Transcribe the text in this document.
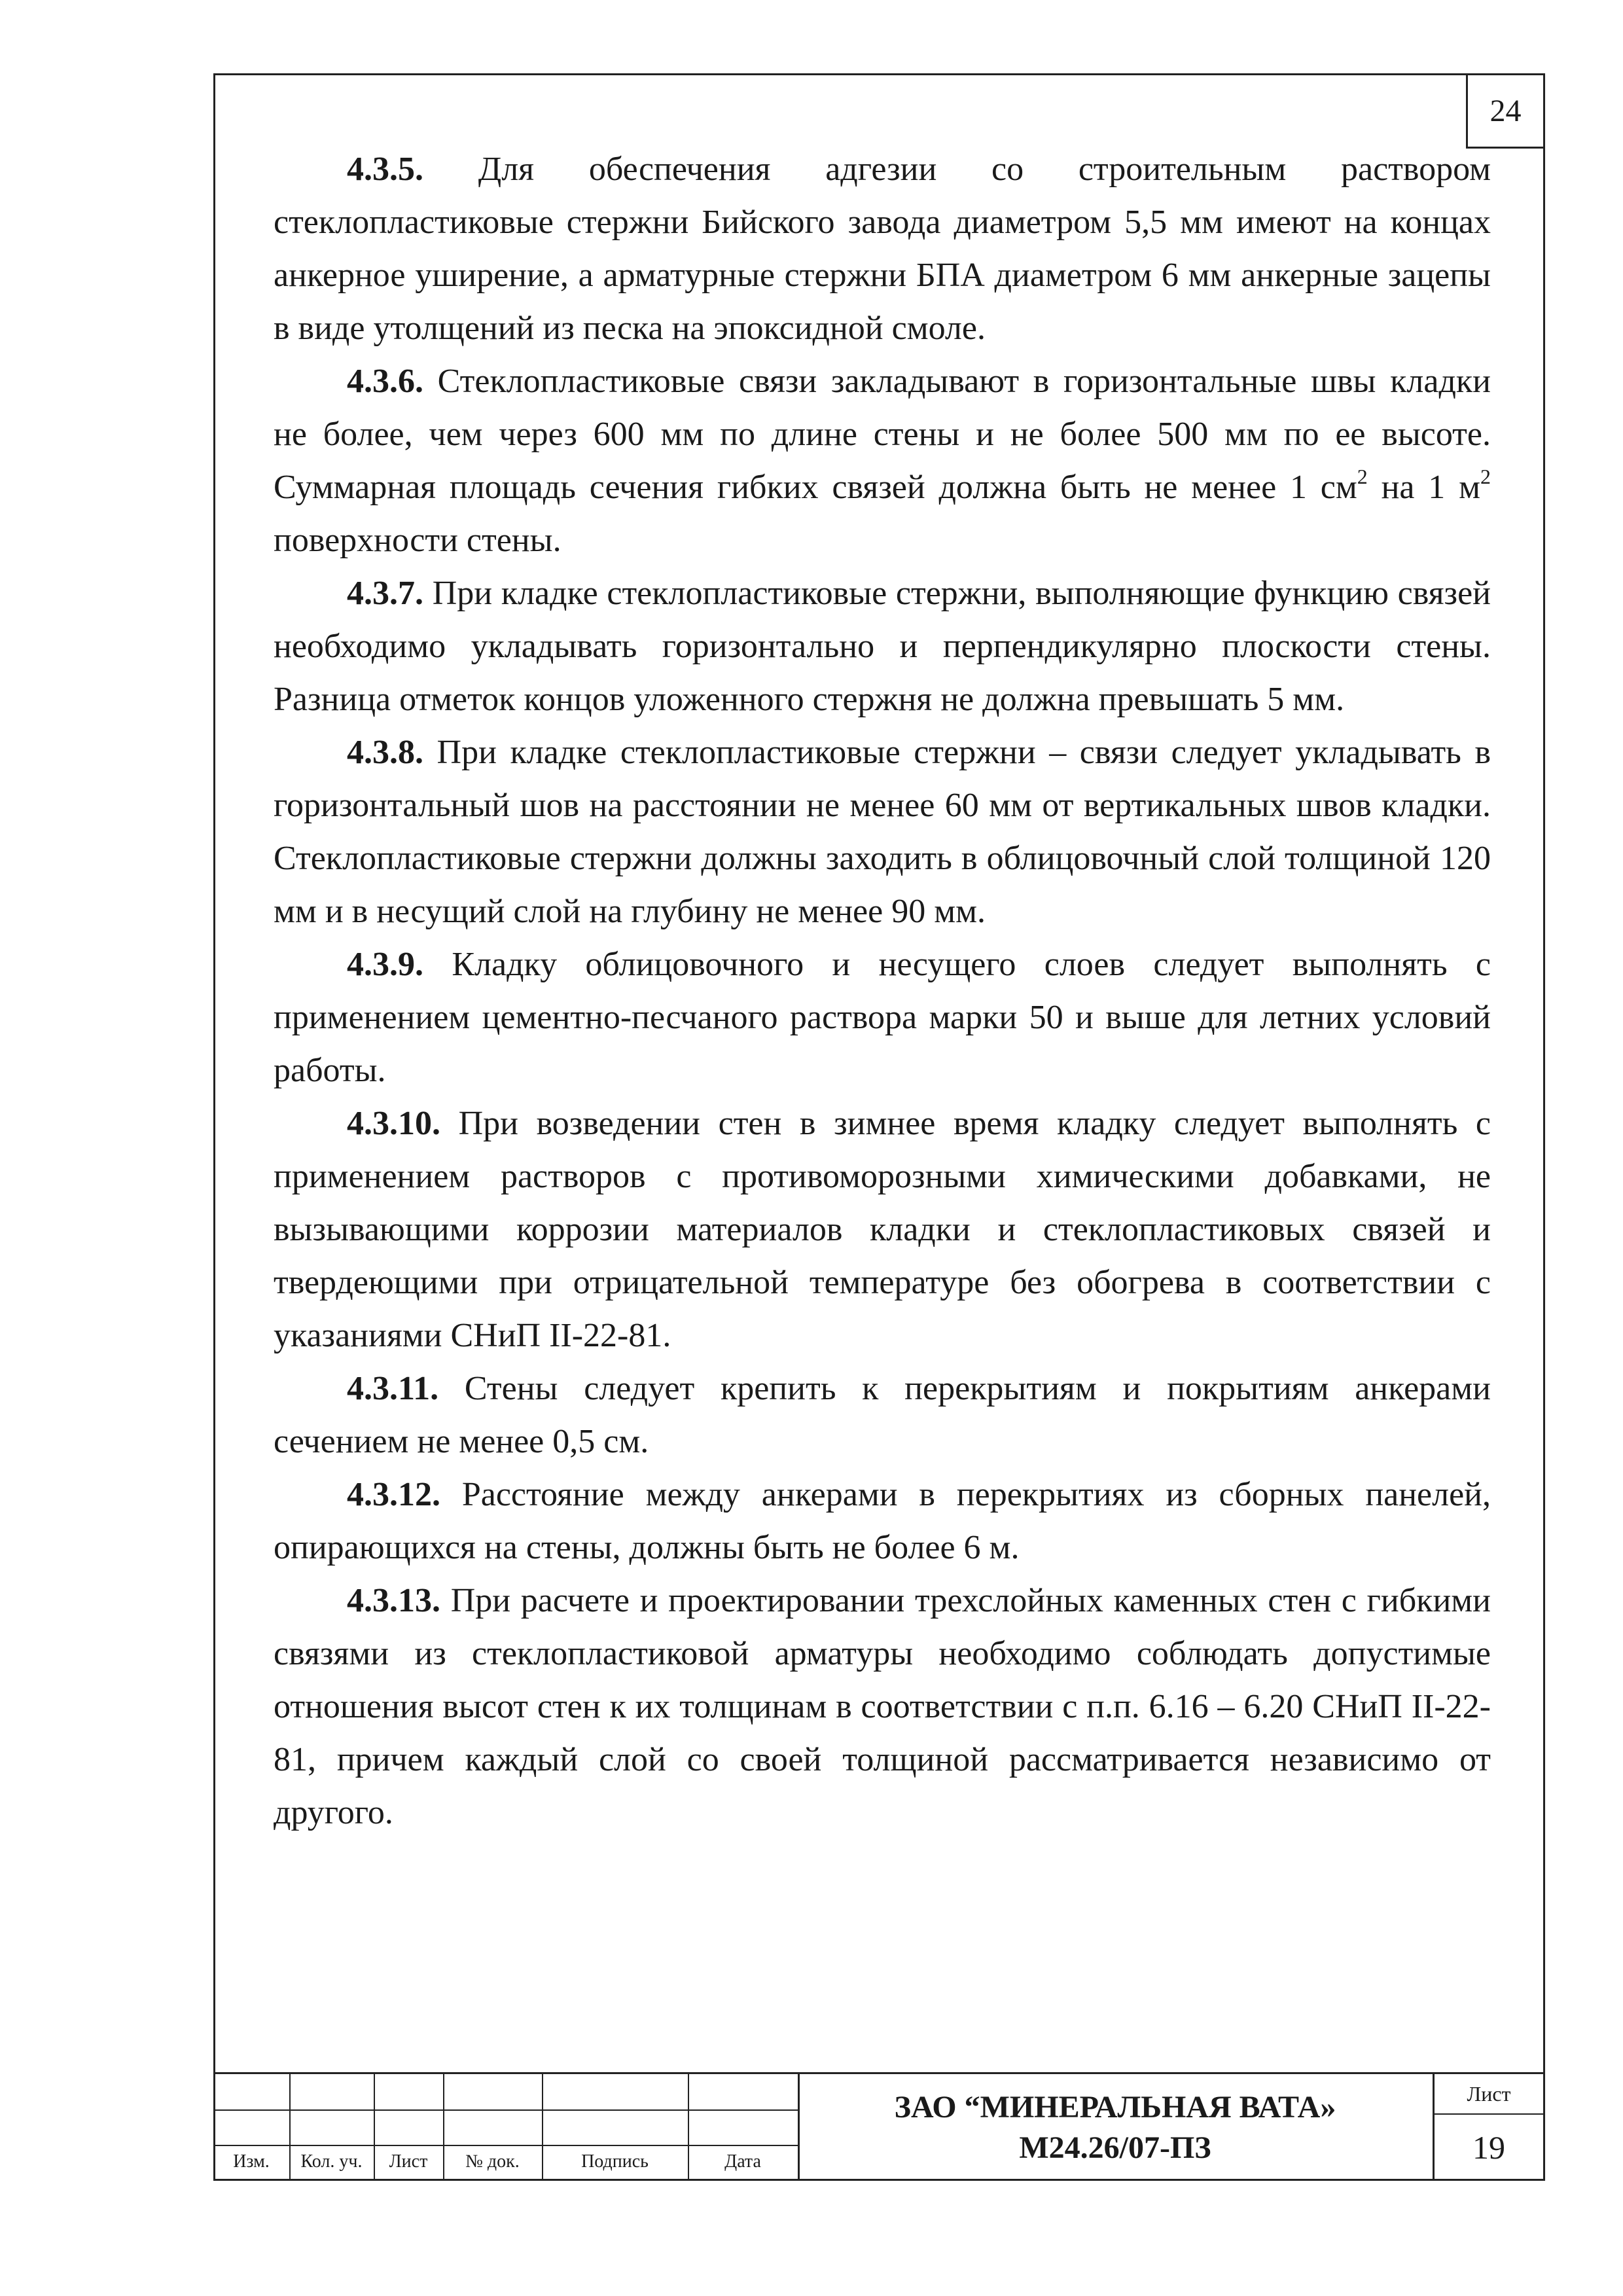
24

4.3.5. Для обеспечения адгезии со строительным раствором стеклопластиковые стержни Бийского завода диаметром 5,5 мм имеют на концах анкерное уширение, а арматурные стержни БПА диаметром 6 мм анкерные зацепы в виде утолщений из песка на эпоксидной смоле.

4.3.6. Стеклопластиковые связи закладывают в горизонтальные швы кладки не более, чем через 600 мм по длине стены и не более 500 мм по ее высоте. Суммарная площадь сечения гибких связей должна быть не менее 1 $см^2$ на 1 $м^2$ поверхности стены.

4.3.7. При кладке стеклопластиковые стержни, выполняющие функцию связей необходимо укладывать горизонтально и перпендикулярно плоскости стены. Разница отметок концов уложенного стержня не должна превышать 5 мм.

4.3.8. При кладке стеклопластиковые стержни – связи следует укладывать в горизонтальный шов на расстоянии не менее 60 мм от вертикальных швов кладки. Стеклопластиковые стержни должны заходить в облицовочный слой толщиной 120 мм и в несущий слой на глубину не менее 90 мм.

4.3.9. Кладку облицовочного и несущего слоев следует выполнять с применением цементно-песчаного раствора марки 50 и выше для летних условий работы.

4.3.10. При возведении стен в зимнее время кладку следует выполнять с применением растворов с противоморозными химическими добавками, не вызывающими коррозии материалов кладки и стеклопластиковых связей и твердеющими при отрицательной температуре без обогрева в соответствии с указаниями СНиП II-22-81.

4.3.11. Стены следует крепить к перекрытиям и покрытиям анкерами сечением не менее 0,5 см.

4.3.12. Расстояние между анкерами в перекрытиях из сборных панелей, опирающихся на стены, должны быть не более 6 м.

4.3.13. При расчете и проектировании трехслойных каменных стен с гибкими связями из стеклопластиковой арматуры необходимо соблюдать допустимые отношения высот стен к их толщинам в соответствии с п.п. 6.16 – 6.20 СНиП II-22-81, причем каждый слой со своей толщиной рассматривается независимо от другого.

Изм.	Кол. уч.	Лист	№ док.	Подпись	Дата
ЗАО “МИНЕРАЛЬНАЯ ВАТА»
М24.26/07-ПЗ
Лист
19
